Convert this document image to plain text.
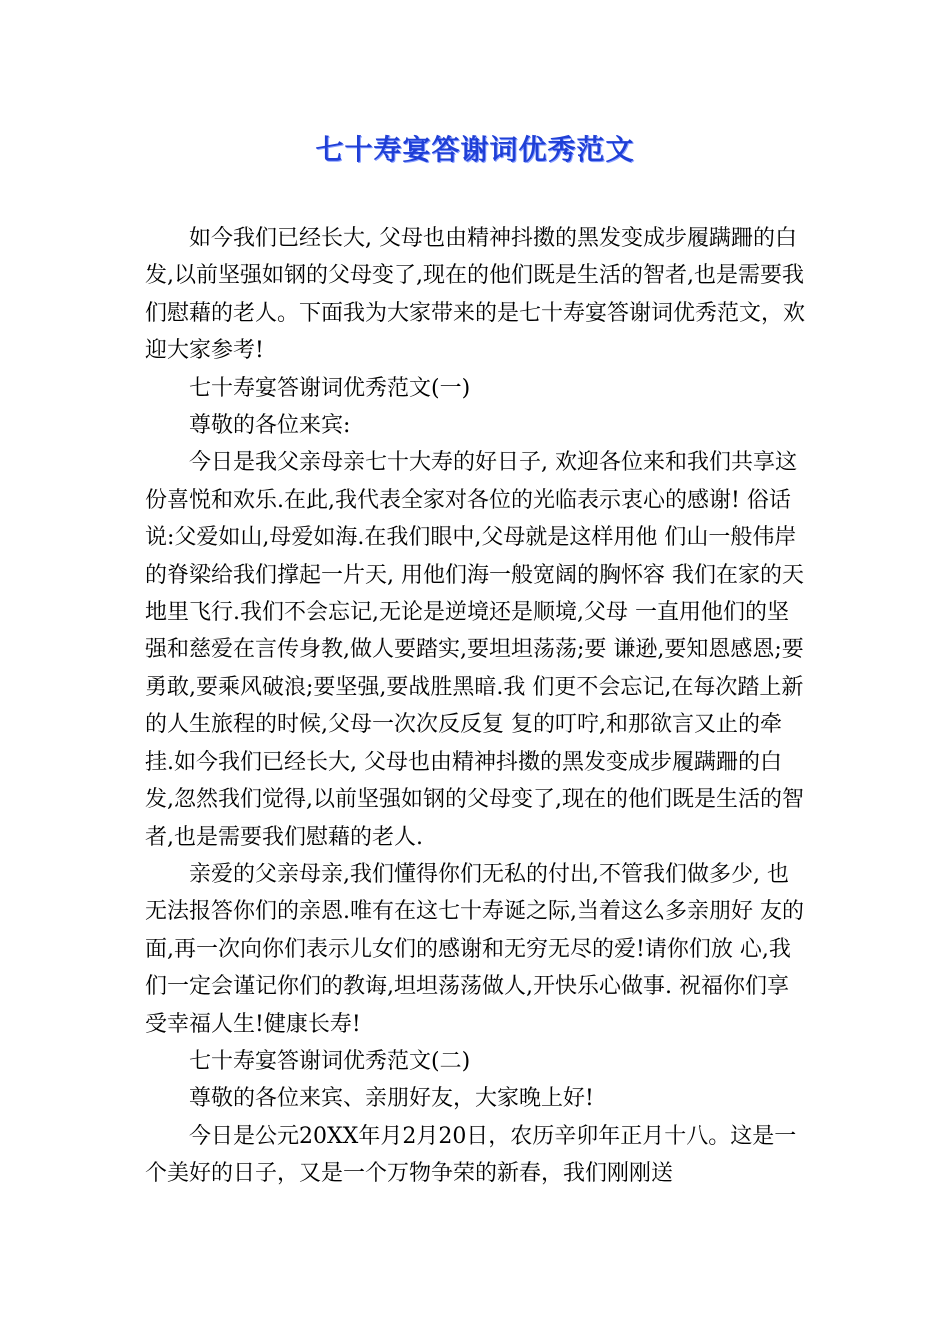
七十寿宴答谢词优秀范文

如今我们已经长大, 父母也由精神抖擞的黑发变成步履蹒跚的白发,以前坚强如钢的父母变了,现在的他们既是生活的智者,也是需要我们慰藉的老人。下面我为大家带来的是七十寿宴答谢词优秀范文，欢迎大家参考!

七十寿宴答谢词优秀范文(一)

尊敬的各位来宾:

今日是我父亲母亲七十大寿的好日子, 欢迎各位来和我们共享这 份喜悦和欢乐.在此,我代表全家对各位的光临表示衷心的感谢! 俗话说:父爱如山,母爱如海.在我们眼中,父母就是这样用他 们山一般伟岸的脊梁给我们撑起一片天, 用他们海一般宽阔的胸怀容 我们在家的天地里飞行.我们不会忘记,无论是逆境还是顺境,父母 一直用他们的坚强和慈爱在言传身教,做人要踏实,要坦坦荡荡;要 谦逊,要知恩感恩;要勇敢,要乘风破浪;要坚强,要战胜黑暗.我 们更不会忘记,在每次踏上新的人生旅程的时候,父母一次次反反复 复的叮咛,和那欲言又止的牵挂.如今我们已经长大, 父母也由精神抖擞的黑发变成步履蹒跚的白 发,忽然我们觉得,以前坚强如钢的父母变了,现在的他们既是生活的智者,也是需要我们慰藉的老人.

亲爱的父亲母亲,我们懂得你们无私的付出,不管我们做多少, 也无法报答你们的亲恩.唯有在这七十寿诞之际,当着这么多亲朋好 友的面,再一次向你们表示儿女们的感谢和无穷无尽的爱!请你们放 心,我们一定会谨记你们的教诲,坦坦荡荡做人,开快乐心做事. 祝福你们享受幸福人生!健康长寿!

七十寿宴答谢词优秀范文(二)

尊敬的各位来宾、亲朋好友，大家晚上好!

今日是公元20XX年月2月20日，农历辛卯年正月十八。这是一个美好的日子，又是一个万物争荣的新春，我们刚刚送
